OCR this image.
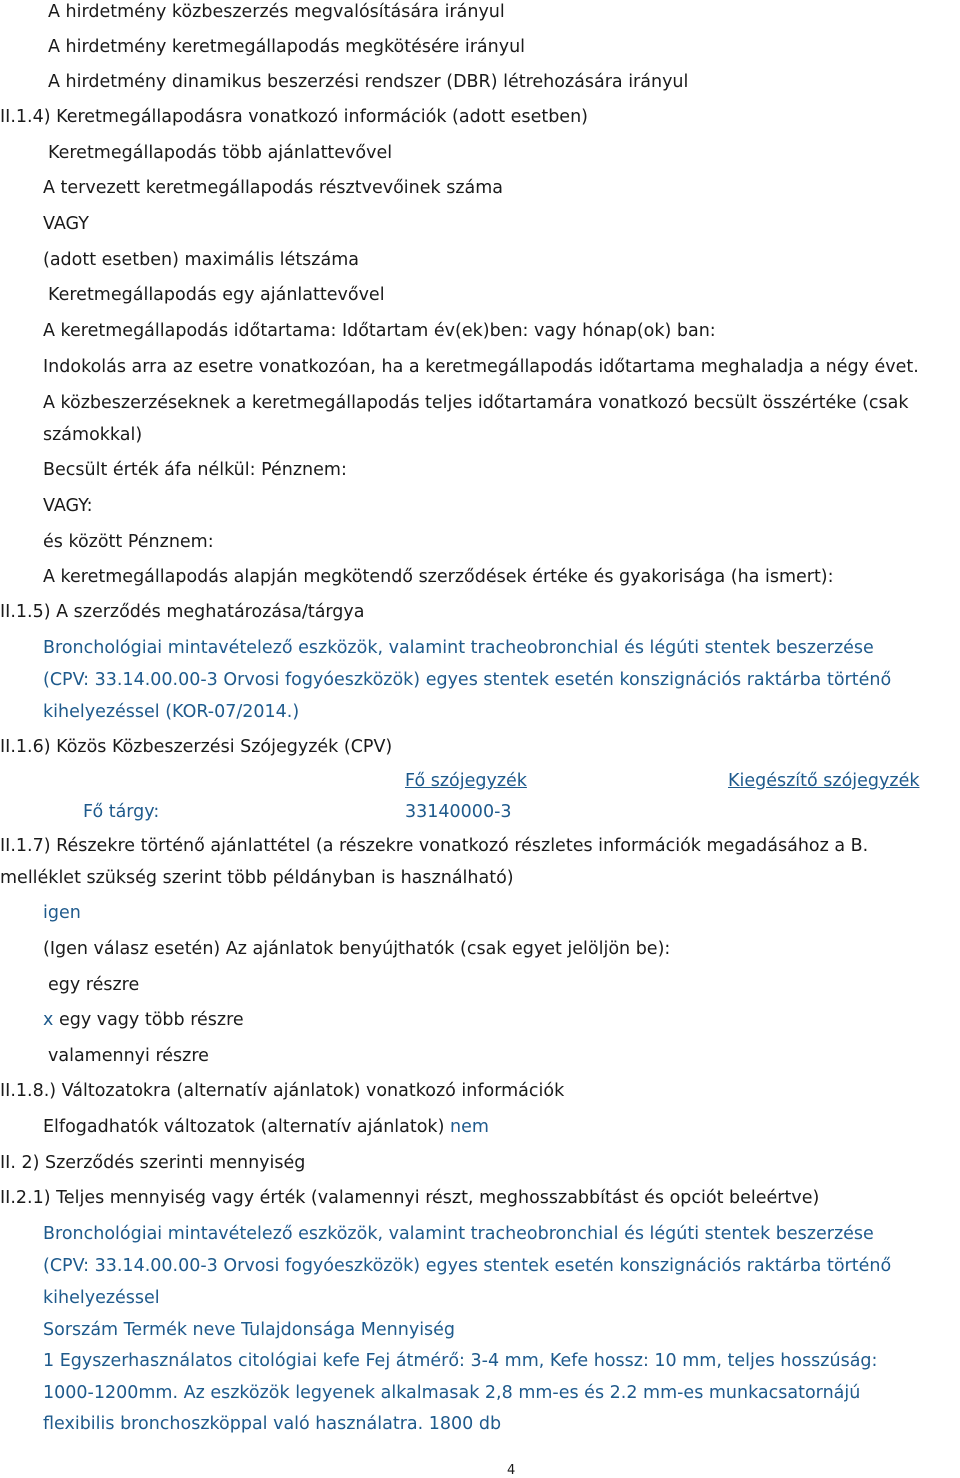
A hirdetmény közbeszerzés megvalósítására irányul
A hirdetmény keretmegállapodás megkötésére irányul
A hirdetmény dinamikus beszerzési rendszer (DBR) létrehozására irányul
II.1.4) Keretmegállapodásra vonatkozó információk (adott esetben)
Keretmegállapodás több ajánlattevővel
A tervezett keretmegállapodás résztvevőinek száma
VAGY
(adott esetben) maximális létszáma
Keretmegállapodás egy ajánlattevővel
A keretmegállapodás időtartama: Időtartam év(ek)ben: vagy hónap(ok) ban:
Indokolás arra az esetre vonatkozóan, ha a keretmegállapodás időtartama meghaladja a négy évet.
A közbeszerzéseknek a keretmegállapodás teljes időtartamára vonatkozó becsült összértéke (csak
számokkal)
Becsült érték áfa nélkül: Pénznem:
VAGY:
és között Pénznem:
A keretmegállapodás alapján megkötendő szerződések értéke és gyakorisága (ha ismert):
II.1.5) A szerződés meghatározása/tárgya
Bronchológiai mintavételező eszközök, valamint tracheobronchial és légúti stentek beszerzése
(CPV: 33.14.00.00-3 Orvosi fogyóeszközök) egyes stentek esetén konszignációs raktárba történő
kihelyezéssel (KOR-07/2014.)
II.1.6) Közös Közbeszerzési Szójegyzék (CPV)
Fő szójegyzék	Kiegészítő szójegyzék
Fő tárgy:	33140000-3
II.1.7) Részekre történő ajánlattétel (a részekre vonatkozó részletes információk megadásához a B.
melléklet szükség szerint több példányban is használható)
igen
(Igen válasz esetén) Az ajánlatok benyújthatók (csak egyet jelöljön be):
egy részre
x egy vagy több részre
valamennyi részre
II.1.8.) Változatokra (alternatív ajánlatok) vonatkozó információk
Elfogadhatók változatok (alternatív ajánlatok) nem
II. 2) Szerződés szerinti mennyiség
II.2.1) Teljes mennyiség vagy érték (valamennyi részt, meghosszabbítást és opciót beleértve)
Bronchológiai mintavételező eszközök, valamint tracheobronchial és légúti stentek beszerzése
(CPV: 33.14.00.00-3 Orvosi fogyóeszközök) egyes stentek esetén konszignációs raktárba történő
kihelyezéssel
Sorszám Termék neve Tulajdonsága Mennyiség
1 Egyszerhasználatos citológiai kefe Fej átmérő: 3-4 mm, Kefe hossz: 10 mm, teljes hosszúság:
1000-1200mm. Az eszközök legyenek alkalmasak 2,8 mm-es és 2.2 mm-es munkacsatornájú
flexibilis bronchoszköppal való használatra. 1800 db
4
